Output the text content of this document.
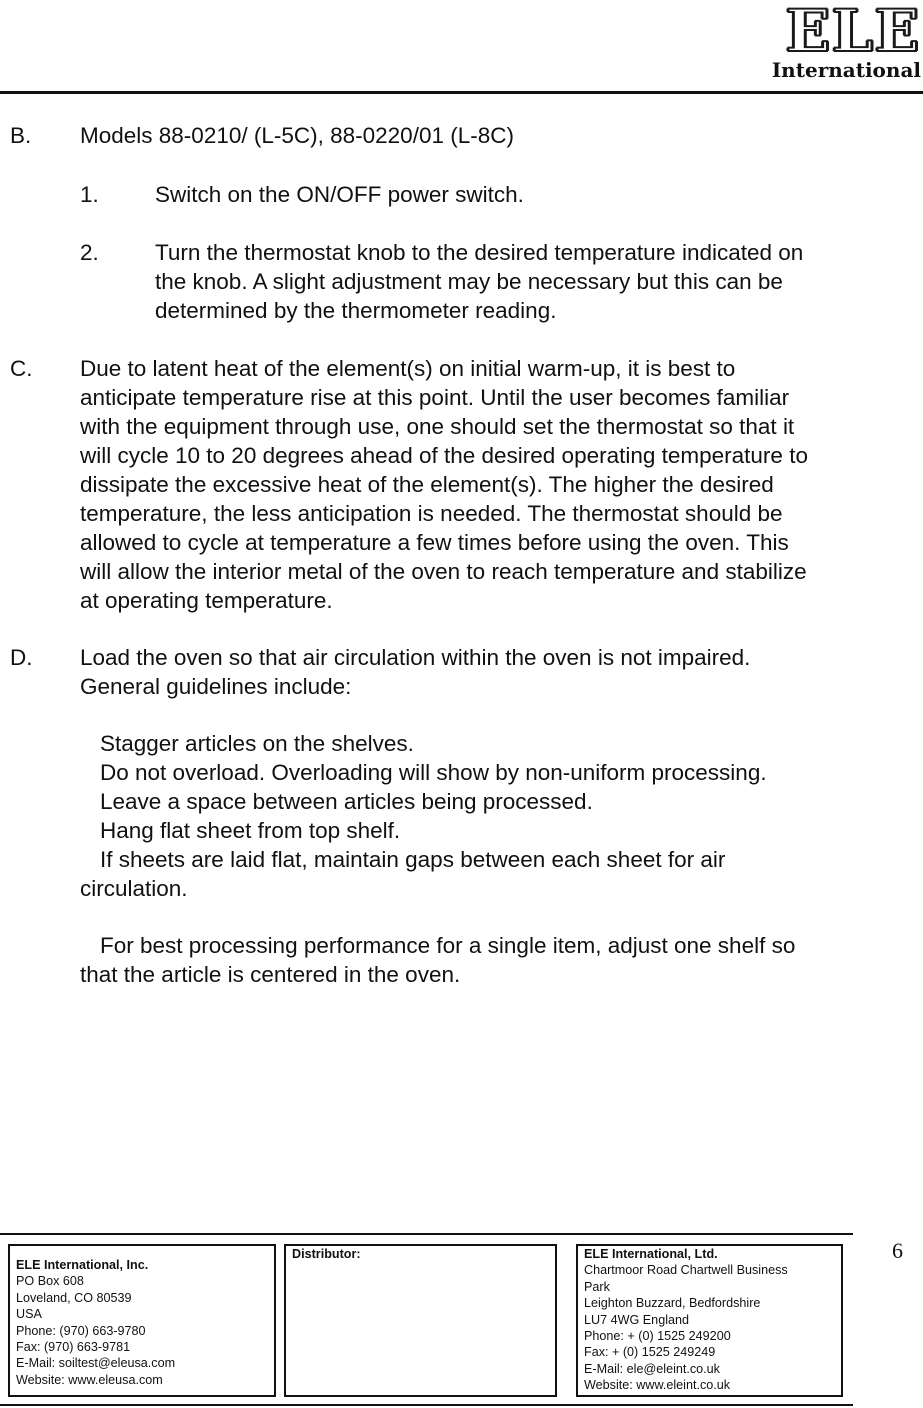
ELE
International
B. Models 88-0210/ (L-5C), 88-0220/01 (L-8C)
1. Switch on the ON/OFF power switch.
2. Turn the thermostat knob to the desired temperature indicated on
the knob. A slight adjustment may be necessary but this can be
determined by the thermometer reading.
C. Due to latent heat of the element(s) on initial warm-up, it is best to
anticipate temperature rise at this point. Until the user becomes familiar
with the equipment through use, one should set the thermostat so that it
will cycle 10 to 20 degrees ahead of the desired operating temperature to
dissipate the excessive heat of the element(s). The higher the desired
temperature, the less anticipation is needed. The thermostat should be
allowed to cycle at temperature a few times before using the oven. This
will allow the interior metal of the oven to reach temperature and stabilize
at operating temperature.
D. Load the oven so that air circulation within the oven is not impaired.
General guidelines include:
Stagger articles on the shelves.
Do not overload. Overloading will show by non-uniform processing.
Leave a space between articles being processed.
Hang flat sheet from top shelf.
If sheets are laid flat, maintain gaps between each sheet for air
circulation.
For best processing performance for a single item, adjust one shelf so
that the article is centered in the oven.
ELE International, Inc.
PO Box 608
Loveland, CO 80539
USA
Phone: (970) 663-9780
Fax: (970) 663-9781
E-Mail: soiltest@eleusa.com
Website: www.eleusa.com
Distributor:	ELE International, Ltd.
Chartmoor Road Chartwell Business
Park
Leighton Buzzard, Bedfordshire
LU7 4WG England
Phone: + (0) 1525 249200
Fax: + (0) 1525 249249
E-Mail: ele@eleint.co.uk
Website: www.eleint.co.uk
6
